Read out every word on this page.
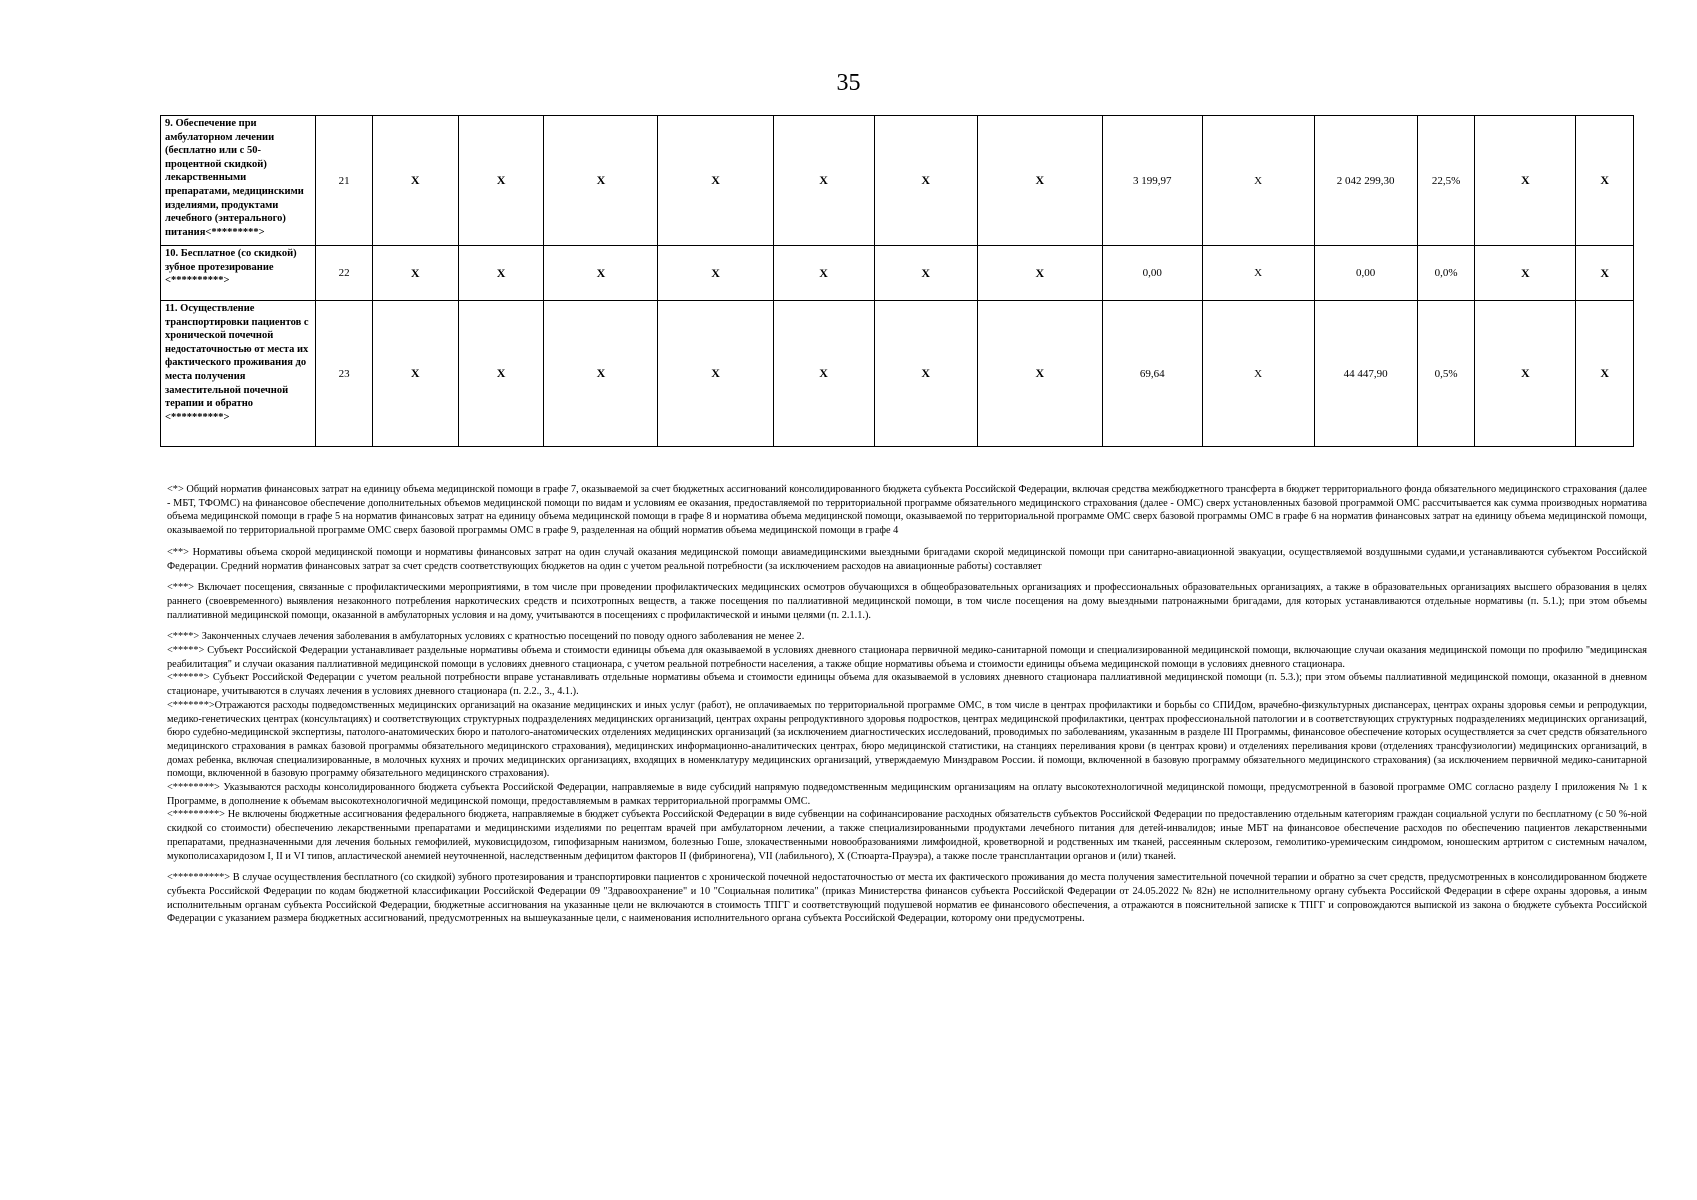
35
9. Обеспечение при амбулаторном лечении (бесплатно или с 50-процентной скидкой) лекарственными препаратами, медицинскими изделиями, продуктами лечебного (энтерального) питания<*********>	21	X	X	X	X	X	X	X	3 199,97	X	2 042 299,30	22,5%	X	X
10. Бесплатное (со скидкой) зубное протезирование <**********>	22	X	X	X	X	X	X	X	0,00	X	0,00	0,0%	X	X
11. Осуществление транспортировки пациентов с хронической почечной недостаточностью от места их фактического проживания до места получения заместительной почечной терапии и обратно <**********>	23	X	X	X	X	X	X	X	69,64	X	44 447,90	0,5%	X	X

<*> Общий норматив финансовых затрат на единицу объема медицинской помощи в графе 7, оказываемой за счет бюджетных ассигнований консолидированного бюджета субъекта Российской Федерации, включая средства межбюджетного трансферта в бюджет территориального фонда обязательного медицинского страхования (далее - МБТ, ТФОМС) на финансовое обеспечение дополнительных объемов медицинской помощи по видам и условиям ее оказания, предоставляемой по территориальной программе обязательного медицинского страхования (далее - ОМС) сверх установленных базовой программой ОМС рассчитывается как сумма производных норматива объема медицинской помощи в графе 5 на норматив финансовых затрат на единицу объема медицинской помощи в графе 8 и норматива объема медицинской помощи, оказываемой по территориальной программе ОМС сверх базовой программы ОМС в графе 6 на норматив финансовых затрат на единицу объема медицинской помощи, оказываемой по территориальной программе ОМС сверх базовой программы ОМС в графе 9, разделенная на общий норматив объема медицинской помощи в графе 4

<**> Нормативы объема скорой медицинской помощи и нормативы финансовых затрат на один случай оказания медицинской помощи авиамедицинскими выездными бригадами скорой медицинской помощи при санитарно-авиационной эвакуации, осуществляемой воздушными судами,и устанавливаются субъектом Российской Федерации. Средний норматив финансовых затрат за счет средств соответствующих бюджетов на один с учетом реальной потребности (за исключением расходов на авиационные работы) составляет

<***> Включает посещения, связанные с профилактическими мероприятиями, в том числе при проведении профилактических медицинских осмотров обучающихся в общеобразовательных организациях и профессиональных образовательных организациях, а также в образовательных организациях высшего образования в целях раннего (своевременного) выявления незаконного потребления наркотических средств и психотропных веществ, а также посещения по паллиативной медицинской помощи, в том числе посещения на дому выездными патронажными бригадами, для которых устанавливаются отдельные нормативы (п. 5.1.); при этом объемы паллиативной медицинской помощи, оказанной в амбулаторных условия и на дому, учитываются в посещениях с профилактической и иными целями (п. 2.1.1.).

<****> Законченных случаев лечения заболевания в амбулаторных условиях с кратностью посещений по поводу одного заболевания не менее 2.

<*****> Субъект Российской Федерации устанавливает раздельные нормативы объема и стоимости единицы объема для оказываемой в условиях дневного стационара первичной медико-санитарной помощи и специализированной медицинской помощи, включающие случаи оказания медицинской помощи по профилю "медицинская реабилитация" и случаи оказания паллиативной медицинской помощи в условиях дневного стационара, с учетом реальной потребности населения, а также общие нормативы объема и стоимости единицы объема медицинской помощи в условиях дневного стационара.

<******> Субъект Российской Федерации с учетом реальной потребности вправе устанавливать отдельные нормативы объема и стоимости единицы объема для оказываемой в условиях дневного стационара паллиативной медицинской помощи (п. 5.3.); при этом объемы паллиативной медицинской помощи, оказанной в дневном стационаре, учитываются в случаях лечения в условиях дневного стационара (п. 2.2., 3., 4.1.).

<*******>Отражаются расходы подведомственных медицинских организаций на оказание медицинских и иных услуг (работ), не оплачиваемых по территориальной программе ОМС, в том числе в центрах профилактики и борьбы со СПИДом, врачебно-физкультурных диспансерах, центрах охраны здоровья семьи и репродукции, медико-генетических центрах (консультациях) и соответствующих структурных подразделениях медицинских организаций, центрах охраны репродуктивного здоровья подростков, центрах медицинской профилактики, центрах профессиональной патологии и в соответствующих структурных подразделениях медицинских организаций, бюро судебно-медицинской экспертизы, патолого-анатомических бюро и патолого-анатомических отделениях медицинских организаций (за исключением диагностических исследований, проводимых по заболеваниям, указанным в разделе III Программы, финансовое обеспечение которых осуществляется за счет средств обязательного медицинского страхования в рамках базовой программы обязательного медицинского страхования), медицинских информационно-аналитических центрах, бюро медицинской статистики, на станциях переливания крови (в центрах крови) и отделениях переливания крови (отделениях трансфузиологии) медицинских организаций, в домах ребенка, включая специализированные, в молочных кухнях и прочих медицинских организациях, входящих в номенклатуру медицинских организаций, утверждаемую Минздравом России. й помощи, включенной в базовую программу обязательного медицинского страхования) (за исключением первичной медико-санитарной помощи, включенной в базовую программу обязательного медицинского страхования).

<********> Указываются расходы консолидированного бюджета субъекта Российской Федерации, направляемые в виде субсидий напрямую подведомственным медицинским организациям на оплату высокотехнологичной медицинской помощи, предусмотренной в базовой программе ОМС согласно разделу I приложения № 1 к Программе, в дополнение к объемам высокотехнологичной медицинской помощи, предоставляемым в рамках территориальной программы ОМС.

<*********> Не включены бюджетные ассигнования федерального бюджета, направляемые в бюджет субъекта Российской Федерации в виде субвенции на софинансирование расходных обязательств субъектов Российской Федерации по предоставлению отдельным категориям граждан социальной услуги по бесплатному (с 50 %-ной скидкой со стоимости) обеспечению лекарственными препаратами и медицинскими изделиями по рецептам врачей при амбулаторном лечении, а также специализированными продуктами лечебного питания для детей-инвалидов; иные МБТ на финансовое обеспечение расходов по обеспечению пациентов лекарственными препаратами, предназначенными для лечения больных гемофилией, муковисцидозом, гипофизарным нанизмом, болезнью Гоше, злокачественными новообразованиями лимфоидной, кроветворной и родственных им тканей, рассеянным склерозом, гемолитико-уремическим синдромом, юношеским артритом с системным началом, мукополисахаридозом I, II и VI типов, апластической анемией неуточненной, наследственным дефицитом факторов II (фибриногена), VII (лабильного), X (Стюарта-Прауэра), а также после трансплантации органов и (или) тканей.

<**********> В случае осуществления бесплатного (со скидкой) зубного протезирования и транспортировки пациентов с хронической почечной недостаточностью от места их фактического проживания до места получения заместительной почечной терапии и обратно за счет средств, предусмотренных в консолидированном бюджете субъекта Российской Федерации по кодам бюджетной классификации Российской Федерации 09 "Здравоохранение" и 10 "Социальная политика" (приказ Министерства финансов субъекта Российской Федерации от 24.05.2022 № 82н) не исполнительному органу субъекта Российской Федерации в сфере охраны здоровья, а иным исполнительным органам субъекта Российской Федерации, бюджетные ассигнования на указанные цели не включаются в стоимость ТПГГ и соответствующий подушевой норматив ее финансового обеспечения, а отражаются в пояснительной записке к ТПГГ и сопровождаются выпиской из закона о бюджете субъекта Российской Федерации с указанием размера бюджетных ассигнований, предусмотренных на вышеуказанные цели, с наименования исполнительного органа субъекта Российской Федерации, которому они предусмотрены.
